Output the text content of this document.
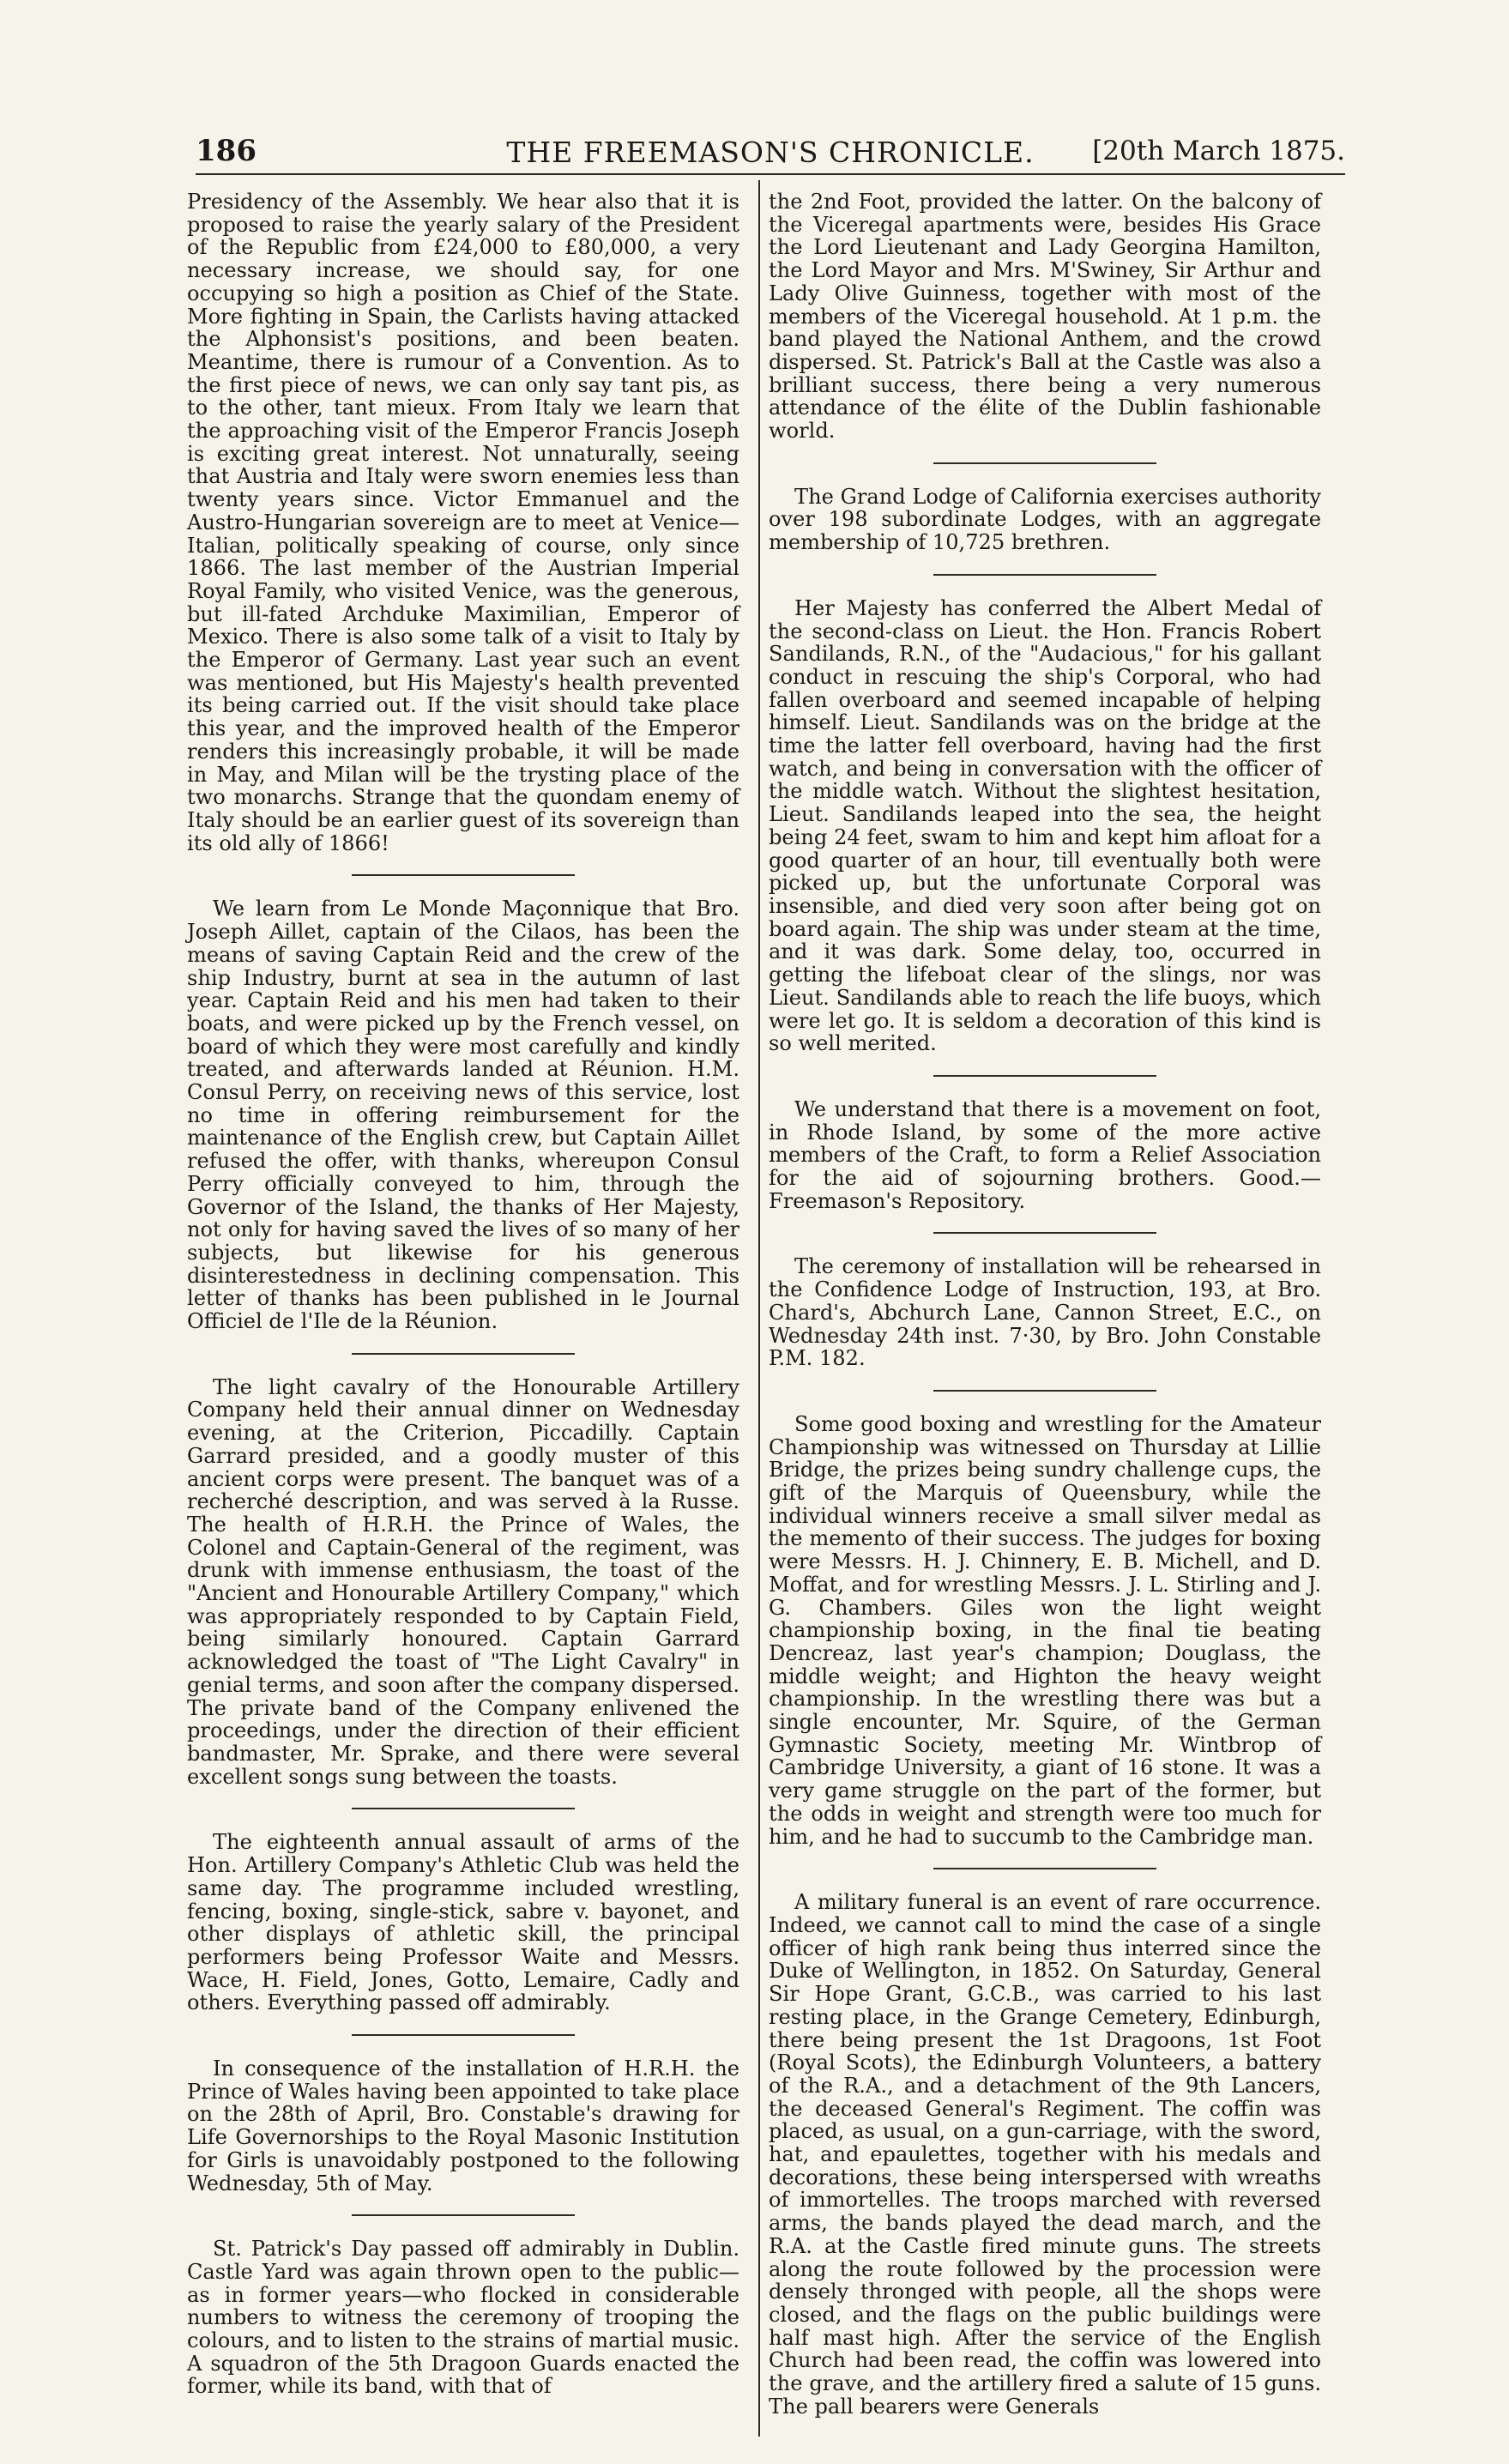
186	THE FREEMASON'S CHRONICLE.	[20th March 1875.

Presidency of the Assembly. We hear also that it is proposed to raise the yearly salary of the President of the Republic from £24,000 to £80,000, a very necessary increase, we should say, for one occupying so high a position as Chief of the State. More fighting in Spain, the Carlists having attacked the Alphonsist's positions, and been beaten. Meantime, there is rumour of a Convention. As to the first piece of news, we can only say tant pis, as to the other, tant mieux. From Italy we learn that the approaching visit of the Emperor Francis Joseph is exciting great interest. Not unnaturally, seeing that Austria and Italy were sworn enemies less than twenty years since. Victor Emmanuel and the Austro-Hungarian sovereign are to meet at Venice—Italian, politically speaking of course, only since 1866. The last member of the Austrian Imperial Royal Family, who visited Venice, was the generous, but ill-fated Archduke Maximilian, Emperor of Mexico. There is also some talk of a visit to Italy by the Emperor of Germany. Last year such an event was mentioned, but His Majesty's health prevented its being carried out. If the visit should take place this year, and the improved health of the Emperor renders this increasingly probable, it will be made in May, and Milan will be the trysting place of the two monarchs. Strange that the quondam enemy of Italy should be an earlier guest of its sovereign than its old ally of 1866!

We learn from Le Monde Maçonnique that Bro. Joseph Aillet, captain of the Cilaos, has been the means of saving Captain Reid and the crew of the ship Industry, burnt at sea in the autumn of last year. Captain Reid and his men had taken to their boats, and were picked up by the French vessel, on board of which they were most carefully and kindly treated, and afterwards landed at Réunion. H.M. Consul Perry, on receiving news of this service, lost no time in offering reimbursement for the maintenance of the English crew, but Captain Aillet refused the offer, with thanks, whereupon Consul Perry officially conveyed to him, through the Governor of the Island, the thanks of Her Majesty, not only for having saved the lives of so many of her subjects, but likewise for his generous disinterestedness in declining compensation. This letter of thanks has been published in le Journal Officiel de l'Ile de la Réunion.

The light cavalry of the Honourable Artillery Company held their annual dinner on Wednesday evening, at the Criterion, Piccadilly. Captain Garrard presided, and a goodly muster of this ancient corps were present. The banquet was of a recherché description, and was served à la Russe. The health of H.R.H. the Prince of Wales, the Colonel and Captain-General of the regiment, was drunk with immense enthusiasm, the toast of the "Ancient and Honourable Artillery Company," which was appropriately responded to by Captain Field, being similarly honoured. Captain Garrard acknowledged the toast of "The Light Cavalry" in genial terms, and soon after the company dispersed. The private band of the Company enlivened the proceedings, under the direction of their efficient bandmaster, Mr. Sprake, and there were several excellent songs sung between the toasts.

The eighteenth annual assault of arms of the Hon. Artillery Company's Athletic Club was held the same day. The programme included wrestling, fencing, boxing, single-stick, sabre v. bayonet, and other displays of athletic skill, the principal performers being Professor Waite and Messrs. Wace, H. Field, Jones, Gotto, Lemaire, Cadly and others. Everything passed off admirably.

In consequence of the installation of H.R.H. the Prince of Wales having been appointed to take place on the 28th of April, Bro. Constable's drawing for Life Governorships to the Royal Masonic Institution for Girls is unavoidably postponed to the following Wednesday, 5th of May.

St. Patrick's Day passed off admirably in Dublin. Castle Yard was again thrown open to the public—as in former years—who flocked in considerable numbers to witness the ceremony of trooping the colours, and to listen to the strains of martial music. A squadron of the 5th Dragoon Guards enacted the former, while its band, with that of

the 2nd Foot, provided the latter. On the balcony of the Viceregal apartments were, besides His Grace the Lord Lieutenant and Lady Georgina Hamilton, the Lord Mayor and Mrs. M'Swiney, Sir Arthur and Lady Olive Guinness, together with most of the members of the Viceregal household. At 1 p.m. the band played the National Anthem, and the crowd dispersed. St. Patrick's Ball at the Castle was also a brilliant success, there being a very numerous attendance of the élite of the Dublin fashionable world.

The Grand Lodge of California exercises authority over 198 subordinate Lodges, with an aggregate membership of 10,725 brethren.

Her Majesty has conferred the Albert Medal of the second-class on Lieut. the Hon. Francis Robert Sandilands, R.N., of the "Audacious," for his gallant conduct in rescuing the ship's Corporal, who had fallen overboard and seemed incapable of helping himself. Lieut. Sandilands was on the bridge at the time the latter fell overboard, having had the first watch, and being in conversation with the officer of the middle watch. Without the slightest hesitation, Lieut. Sandilands leaped into the sea, the height being 24 feet, swam to him and kept him afloat for a good quarter of an hour, till eventually both were picked up, but the unfortunate Corporal was insensible, and died very soon after being got on board again. The ship was under steam at the time, and it was dark. Some delay, too, occurred in getting the lifeboat clear of the slings, nor was Lieut. Sandilands able to reach the life buoys, which were let go. It is seldom a decoration of this kind is so well merited.

We understand that there is a movement on foot, in Rhode Island, by some of the more active members of the Craft, to form a Relief Association for the aid of sojourning brothers. Good.—Freemason's Repository.

The ceremony of installation will be rehearsed in the Confidence Lodge of Instruction, 193, at Bro. Chard's, Abchurch Lane, Cannon Street, E.C., on Wednesday 24th inst. 7·30, by Bro. John Constable P.M. 182.

Some good boxing and wrestling for the Amateur Championship was witnessed on Thursday at Lillie Bridge, the prizes being sundry challenge cups, the gift of the Marquis of Queensbury, while the individual winners receive a small silver medal as the memento of their success. The judges for boxing were Messrs. H. J. Chinnery, E. B. Michell, and D. Moffat, and for wrestling Messrs. J. L. Stirling and J. G. Chambers. Giles won the light weight championship boxing, in the final tie beating Dencreaz, last year's champion; Douglass, the middle weight; and Highton the heavy weight championship. In the wrestling there was but a single encounter, Mr. Squire, of the German Gymnastic Society, meeting Mr. Wintbrop of Cambridge University, a giant of 16 stone. It was a very game struggle on the part of the former, but the odds in weight and strength were too much for him, and he had to succumb to the Cambridge man.

A military funeral is an event of rare occurrence. Indeed, we cannot call to mind the case of a single officer of high rank being thus interred since the Duke of Wellington, in 1852. On Saturday, General Sir Hope Grant, G.C.B., was carried to his last resting place, in the Grange Cemetery, Edinburgh, there being present the 1st Dragoons, 1st Foot (Royal Scots), the Edinburgh Volunteers, a battery of the R.A., and a detachment of the 9th Lancers, the deceased General's Regiment. The coffin was placed, as usual, on a gun-carriage, with the sword, hat, and epaulettes, together with his medals and decorations, these being interspersed with wreaths of immortelles. The troops marched with reversed arms, the bands played the dead march, and the R.A. at the Castle fired minute guns. The streets along the route followed by the procession were densely thronged with people, all the shops were closed, and the flags on the public buildings were half mast high. After the service of the English Church had been read, the coffin was lowered into the grave, and the artillery fired a salute of 15 guns. The pall bearers were Generals
